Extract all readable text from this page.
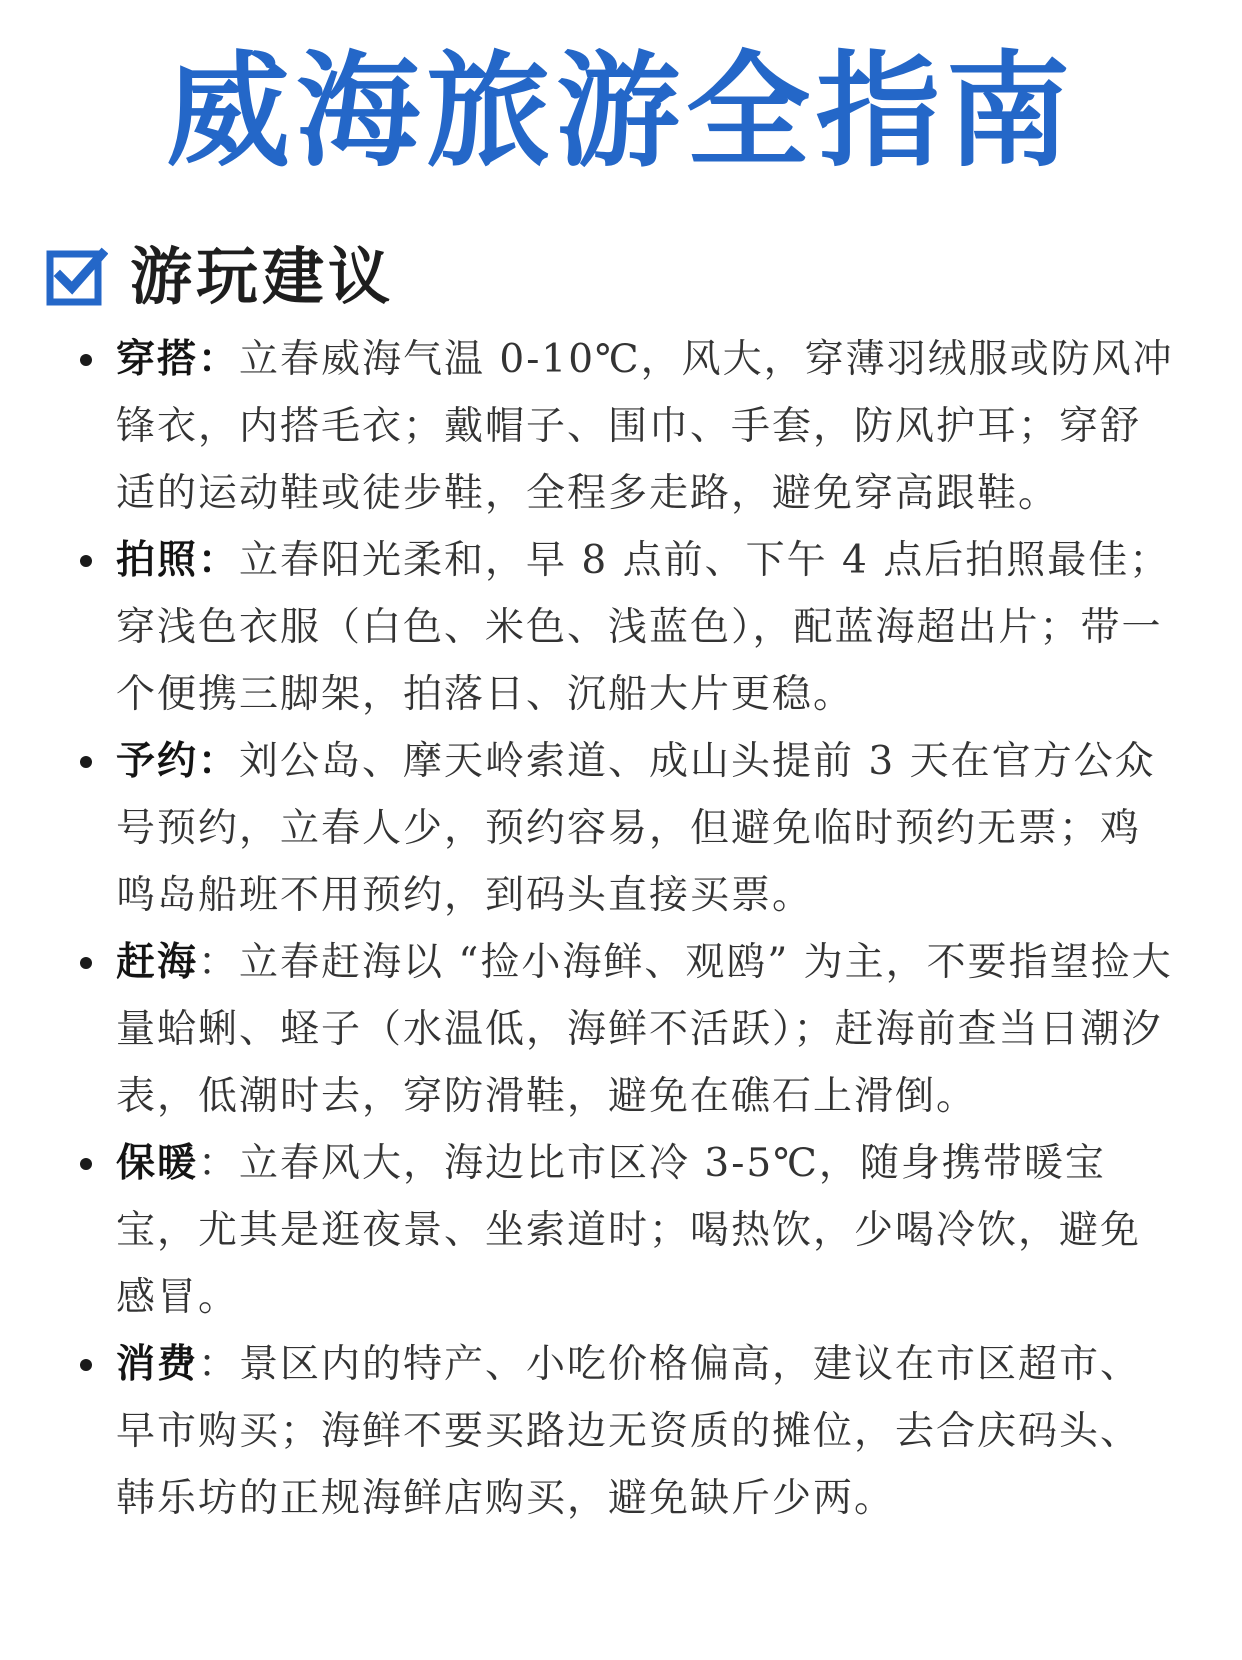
威海旅游全指南
游玩建议
穿搭：立春威海气温 0-10℃，风大，穿薄羽绒服或防风冲锋衣，内搭毛衣；戴帽子、围巾、手套，防风护耳；穿舒适的运动鞋或徒步鞋，全程多走路，避免穿高跟鞋。
拍照：立春阳光柔和，早 8 点前、下午 4 点后拍照最佳；穿浅色衣服（白色、米色、浅蓝色），配蓝海超出片；带一个便携三脚架，拍落日、沉船大片更稳。
予约：刘公岛、摩天岭索道、成山头提前 3 天在官方公众号预约，立春人少，预约容易，但避免临时预约无票；鸡鸣岛船班不用预约，到码头直接买票。
赶海：立春赶海以 “捡小海鲜、观鸥” 为主，不要指望捡大量蛤蜊、蛏子（水温低，海鲜不活跃）；赶海前查当日潮汐表，低潮时去，穿防滑鞋，避免在礁石上滑倒。
保暖：立春风大，海边比市区冷 3-5℃，随身携带暖宝宝，尤其是逛夜景、坐索道时；喝热饮，少喝冷饮，避免感冒。
消费：景区内的特产、小吃价格偏高，建议在市区超市、早市购买；海鲜不要买路边无资质的摊位，去合庆码头、韩乐坊的正规海鲜店购买，避免缺斤少两。
